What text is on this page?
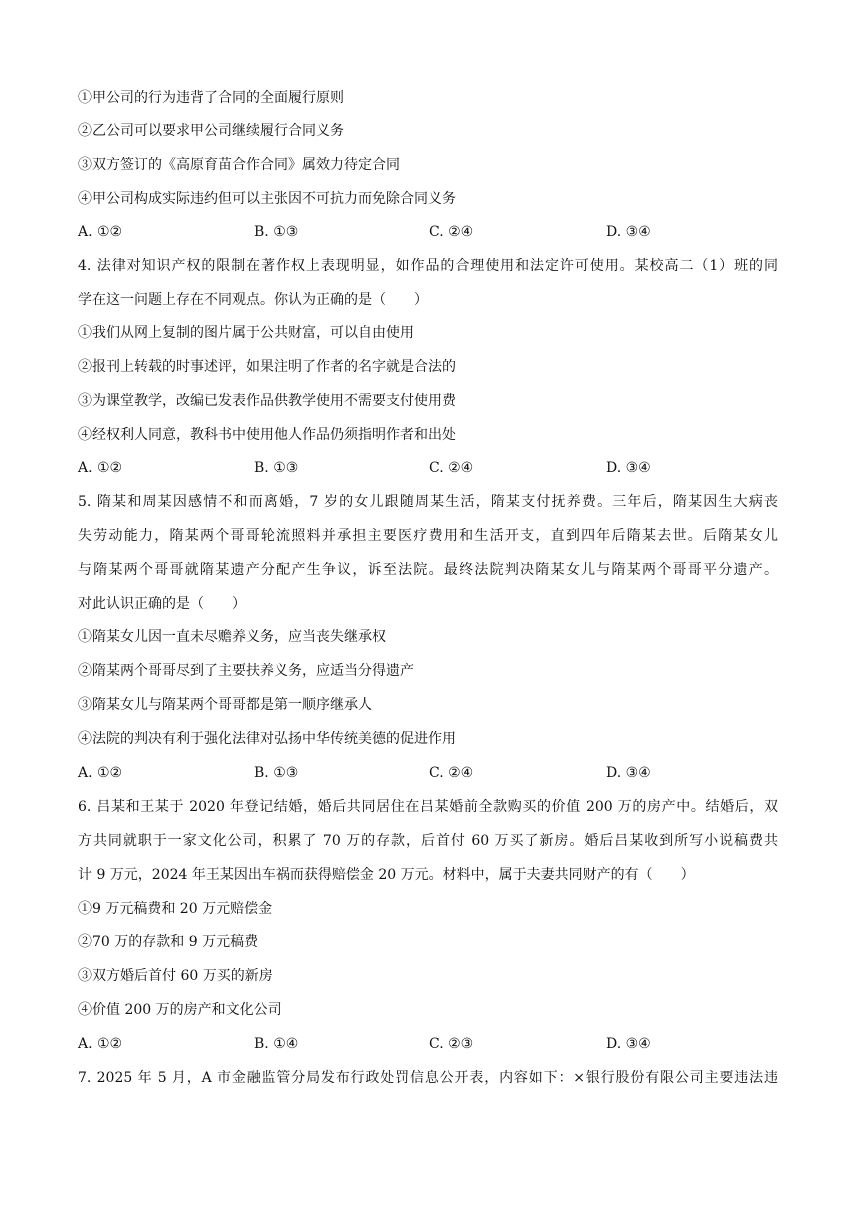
①甲公司的行为违背了合同的全面履行原则
②乙公司可以要求甲公司继续履行合同义务
③双方签订的《高原育苗合作合同》属效力待定合同
④甲公司构成实际违约但可以主张因不可抗力而免除合同义务
A. ①②	B. ①③	C. ②④	D. ③④
4. 法律对知识产权的限制在著作权上表现明显，如作品的合理使用和法定许可使用。某校高二（1）班的同
学在这一问题上存在不同观点。你认为正确的是（　　）
①我们从网上复制的图片属于公共财富，可以自由使用
②报刊上转载的时事述评，如果注明了作者的名字就是合法的
③为课堂教学，改编已发表作品供教学使用不需要支付使用费
④经权利人同意，教科书中使用他人作品仍须指明作者和出处
A. ①②	B. ①③	C. ②④	D. ③④
5. 隋某和周某因感情不和而离婚，7 岁的女儿跟随周某生活，隋某支付抚养费。三年后，隋某因生大病丧
失劳动能力，隋某两个哥哥轮流照料并承担主要医疗费用和生活开支，直到四年后隋某去世。后隋某女儿
与隋某两个哥哥就隋某遗产分配产生争议，诉至法院。最终法院判决隋某女儿与隋某两个哥哥平分遗产。
对此认识正确的是（　　）
①隋某女儿因一直未尽赡养义务，应当丧失继承权
②隋某两个哥哥尽到了主要扶养义务，应适当分得遗产
③隋某女儿与隋某两个哥哥都是第一顺序继承人
④法院的判决有利于强化法律对弘扬中华传统美德的促进作用
A. ①②	B. ①③	C. ②④	D. ③④
6. 吕某和王某于 2020 年登记结婚，婚后共同居住在吕某婚前全款购买的价值 200 万的房产中。结婚后，双
方共同就职于一家文化公司，积累了 70 万的存款，后首付 60 万买了新房。婚后吕某收到所写小说稿费共
计 9 万元，2024 年王某因出车祸而获得赔偿金 20 万元。材料中，属于夫妻共同财产的有（　　）
①9 万元稿费和 20 万元赔偿金
②70 万的存款和 9 万元稿费
③双方婚后首付 60 万买的新房
④价值 200 万的房产和文化公司
A. ①②	B. ①④	C. ②③	D. ③④
7. 2025 年 5 月，A 市金融监管分局发布行政处罚信息公开表，内容如下：×银行股份有限公司主要违法违
